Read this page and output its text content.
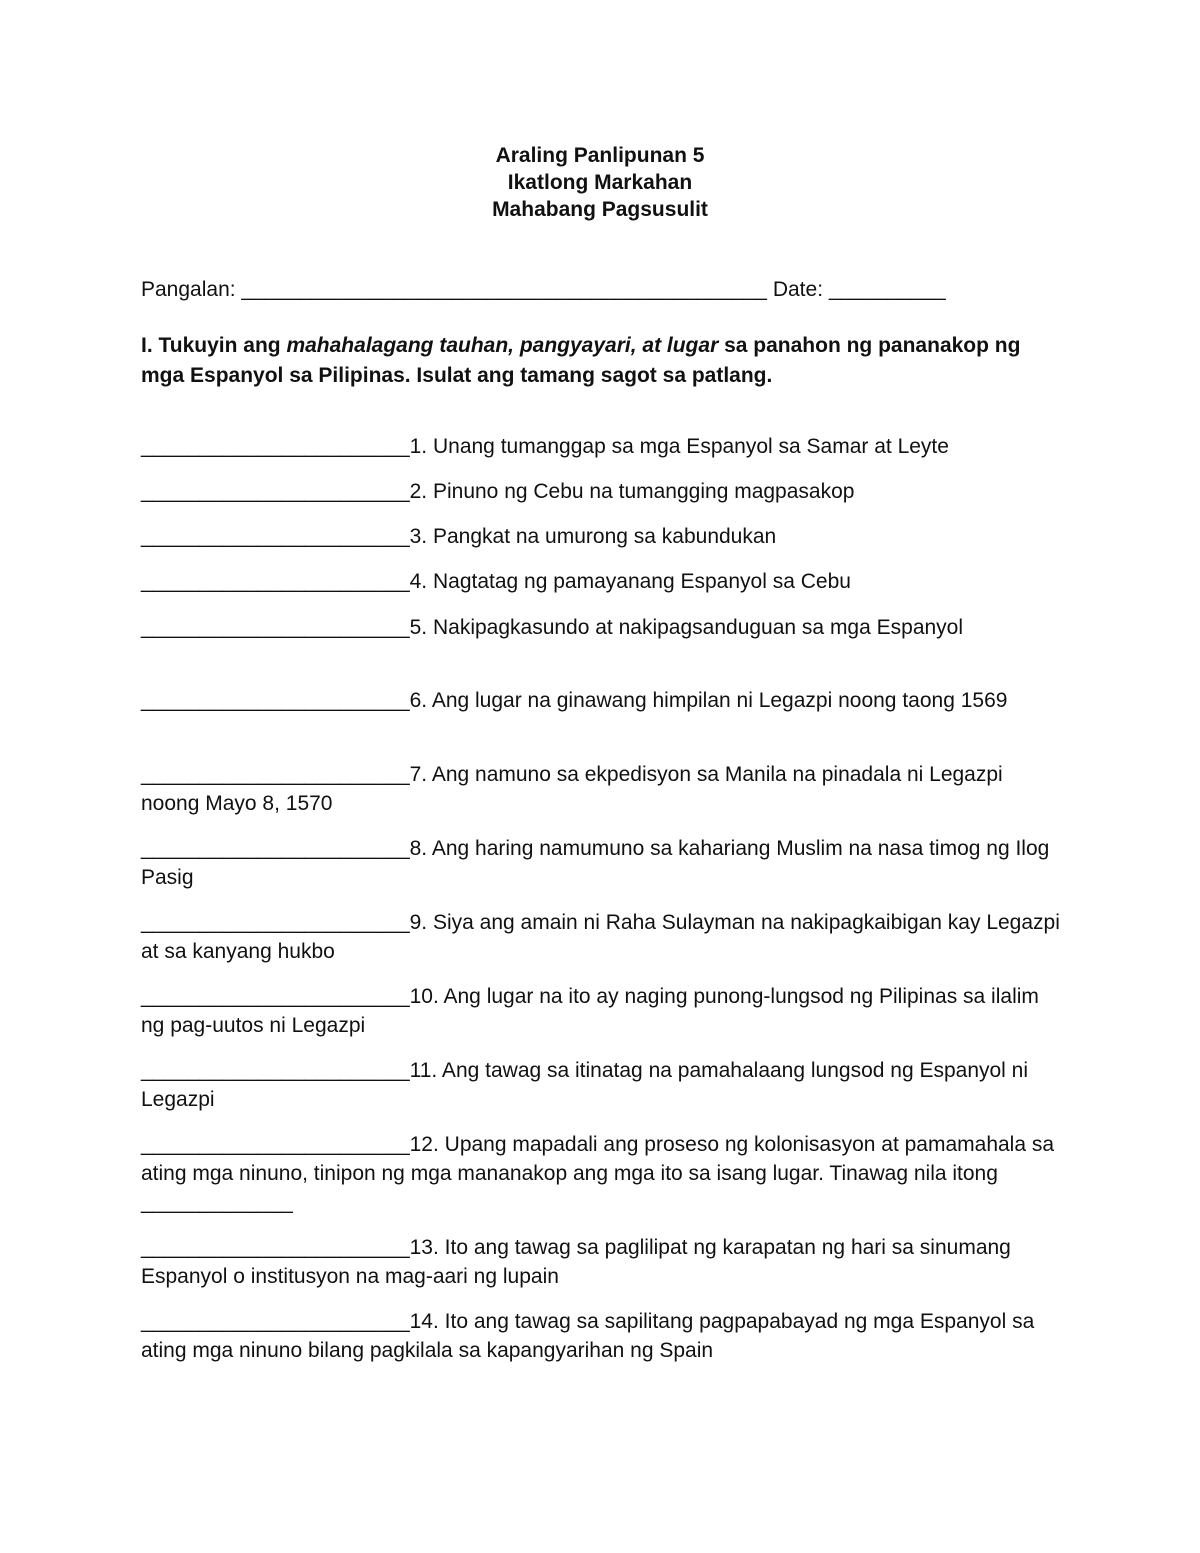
Araling Panlipunan 5
Ikatlong Markahan
Mahabang Pagsusulit
Pangalan: _____________________________________________ Date: __________
I. Tukuyin ang mahahalagang tauhan, pangyayari, at lugar sa panahon ng pananakop ng mga Espanyol sa Pilipinas. Isulat ang tamang sagot sa patlang.
_______________________1. Unang tumanggap sa mga Espanyol sa Samar at Leyte
_______________________2. Pinuno ng Cebu na tumangging magpasakop
_______________________3. Pangkat na umurong sa kabundukan
_______________________4. Nagtatag ng pamayanang Espanyol sa Cebu
_______________________5. Nakipagkasundo at nakipagsanduguan sa mga Espanyol
_______________________6. Ang lugar na ginawang himpilan ni Legazpi noong taong 1569
_______________________7. Ang namuno sa ekpedisyon sa Manila na pinadala ni Legazpi noong Mayo 8, 1570
_______________________8. Ang haring namumuno sa kahariang Muslim na nasa timog ng Ilog Pasig
_______________________9. Siya ang amain ni Raha Sulayman na nakipagkaibigan kay Legazpi at sa kanyang hukbo
_______________________10. Ang lugar na ito ay naging punong-lungsod ng Pilipinas sa ilalim ng pag-uutos ni Legazpi
_______________________11. Ang tawag sa itinatag na pamahalaang lungsod ng Espanyol ni Legazpi
_______________________12. Upang mapadali ang proseso ng kolonisasyon at pamamahala sa ating mga ninuno, tinipon ng mga mananakop ang mga ito sa isang lugar. Tinawag nila itong _____________
_______________________13. Ito ang tawag sa paglilipat ng karapatan ng hari sa sinumang Espanyol o institusyon na mag-aari ng lupain
_______________________14. Ito ang tawag sa sapilitang pagpapabayad ng mga Espanyol sa ating mga ninuno bilang pagkilala sa kapangyarihan ng Spain
